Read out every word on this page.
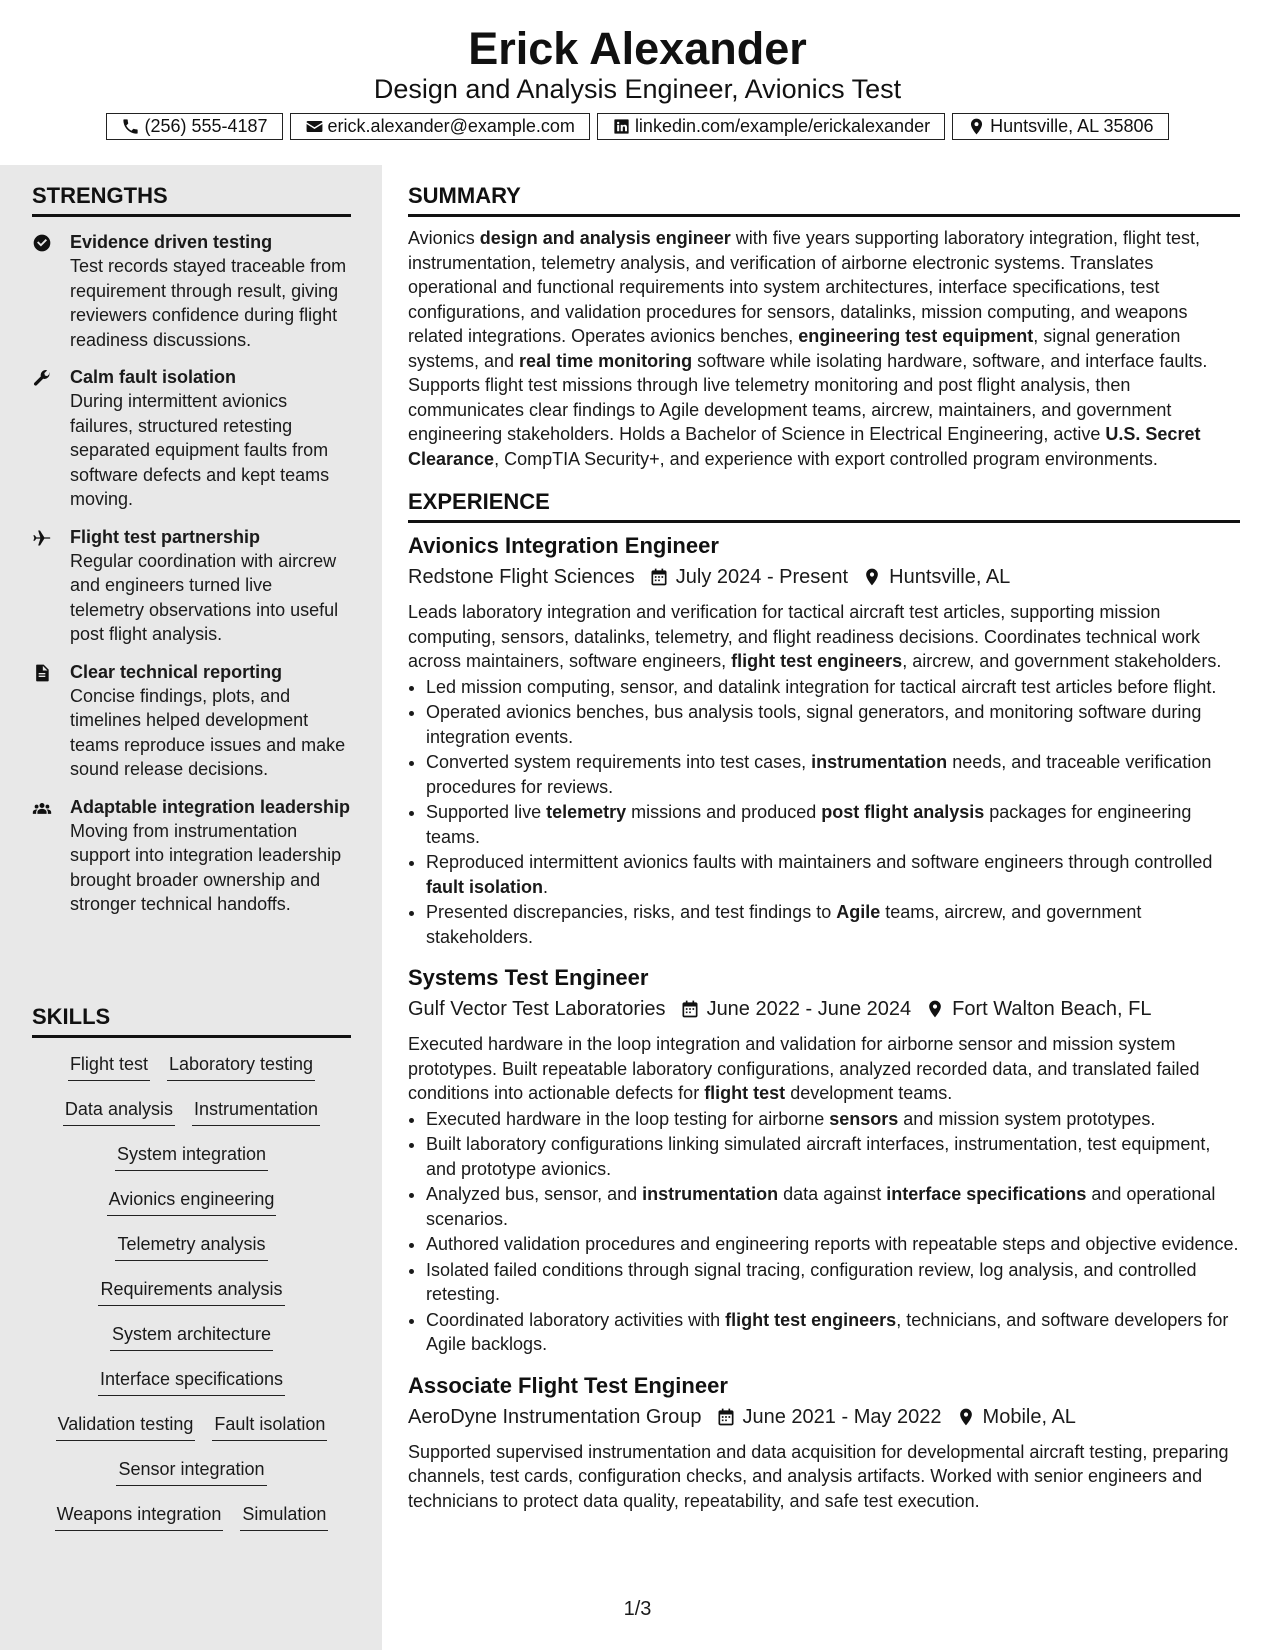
Erick Alexander
Design and Analysis Engineer, Avionics Test
(256) 555-4187	erick.alexander@example.com	linkedin.com/example/erickalexander	Huntsville, AL 35806
STRENGTHS
Evidence driven testing
Test records stayed traceable from requirement through result, giving reviewers confidence during flight readiness discussions.
Calm fault isolation
During intermittent avionics failures, structured retesting separated equipment faults from software defects and kept teams moving.
Flight test partnership
Regular coordination with aircrew and engineers turned live telemetry observations into useful post flight analysis.
Clear technical reporting
Concise findings, plots, and timelines helped development teams reproduce issues and make sound release decisions.
Adaptable integration leadership
Moving from instrumentation support into integration leadership brought broader ownership and stronger technical handoffs.
SKILLS
Flight test Laboratory testing
Data analysis Instrumentation
System integration
Avionics engineering
Telemetry analysis
Requirements analysis
System architecture
Interface specifications
Validation testing Fault isolation
Sensor integration
Weapons integration Simulation
SUMMARY
Avionics design and analysis engineer with five years supporting laboratory integration, flight test, instrumentation, telemetry analysis, and verification of airborne electronic systems. Translates operational and functional requirements into system architectures, interface specifications, test configurations, and validation procedures for sensors, datalinks, mission computing, and weapons related integrations. Operates avionics benches, engineering test equipment, signal generation systems, and real time monitoring software while isolating hardware, software, and interface faults. Supports flight test missions through live telemetry monitoring and post flight analysis, then communicates clear findings to Agile development teams, aircrew, maintainers, and government engineering stakeholders. Holds a Bachelor of Science in Electrical Engineering, active U.S. Secret Clearance, CompTIA Security+, and experience with export controlled program environments.
EXPERIENCE
Avionics Integration Engineer
Redstone Flight Sciences July 2024 - Present Huntsville, AL
Leads laboratory integration and verification for tactical aircraft test articles, supporting mission computing, sensors, datalinks, telemetry, and flight readiness decisions. Coordinates technical work across maintainers, software engineers, flight test engineers, aircrew, and government stakeholders.
• Led mission computing, sensor, and datalink integration for tactical aircraft test articles before flight.
• Operated avionics benches, bus analysis tools, signal generators, and monitoring software during integration events.
• Converted system requirements into test cases, instrumentation needs, and traceable verification procedures for reviews.
• Supported live telemetry missions and produced post flight analysis packages for engineering teams.
• Reproduced intermittent avionics faults with maintainers and software engineers through controlled fault isolation.
• Presented discrepancies, risks, and test findings to Agile teams, aircrew, and government stakeholders.
Systems Test Engineer
Gulf Vector Test Laboratories June 2022 - June 2024 Fort Walton Beach, FL
Executed hardware in the loop integration and validation for airborne sensor and mission system prototypes. Built repeatable laboratory configurations, analyzed recorded data, and translated failed conditions into actionable defects for flight test development teams.
• Executed hardware in the loop testing for airborne sensors and mission system prototypes.
• Built laboratory configurations linking simulated aircraft interfaces, instrumentation, test equipment, and prototype avionics.
• Analyzed bus, sensor, and instrumentation data against interface specifications and operational scenarios.
• Authored validation procedures and engineering reports with repeatable steps and objective evidence.
• Isolated failed conditions through signal tracing, configuration review, log analysis, and controlled retesting.
• Coordinated laboratory activities with flight test engineers, technicians, and software developers for Agile backlogs.
Associate Flight Test Engineer
AeroDyne Instrumentation Group June 2021 - May 2022 Mobile, AL
Supported supervised instrumentation and data acquisition for developmental aircraft testing, preparing channels, test cards, configuration checks, and analysis artifacts. Worked with senior engineers and technicians to protect data quality, repeatability, and safe test execution.
1/3
